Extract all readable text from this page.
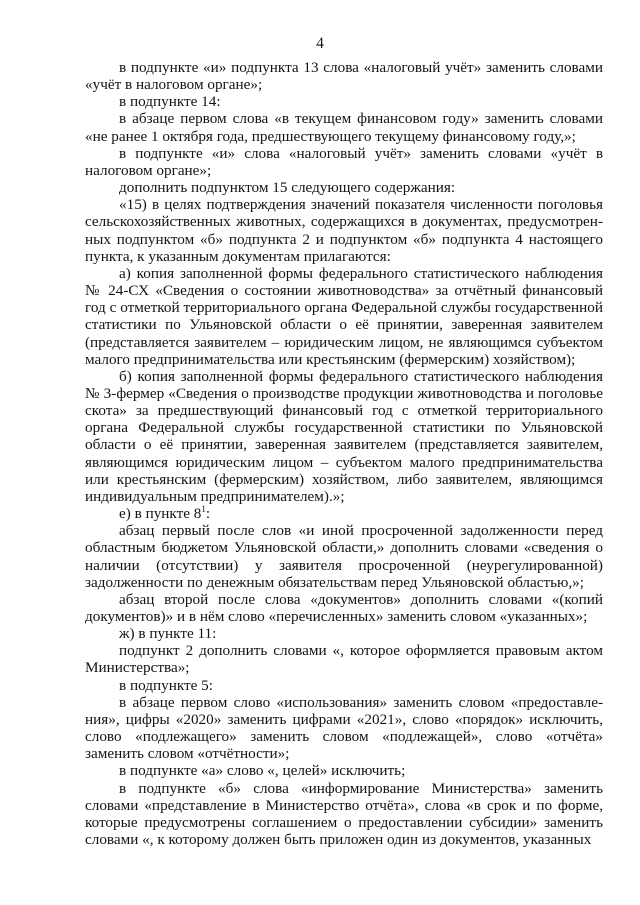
4

в подпункте «и» подпункта 13 слова «налоговый учёт» заменить словами «учёт в налоговом органе»;

в подпункте 14:

в абзаце первом слова «в текущем финансовом году» заменить словами «не ранее 1 октября года, предшествующего текущему финансовому году,»;

в подпункте «и» слова «налоговый учёт» заменить словами «учёт в налоговом органе»;

дополнить подпунктом 15 следующего содержания:

«15) в целях подтверждения значений показателя численности поголовья сельскохозяйственных животных, содержащихся в документах, предусмотренных подпунктом «б» подпункта 2 и подпунктом «б» подпункта 4 настоящего пункта, к указанным документам прилагаются:

а) копия заполненной формы федерального статистического наблюдения № 24-СХ «Сведения о состоянии животноводства» за отчётный финансовый год с отметкой территориального органа Федеральной службы государственной статистики по Ульяновской области о её принятии, заверенная заявителем (представляется заявителем – юридическим лицом, не являющимся субъектом малого предпринимательства или крестьянским (фермерским) хозяйством);

б) копия заполненной формы федерального статистического наблюдения № 3-фермер «Сведения о производстве продукции животноводства и поголовье скота» за предшествующий финансовый год с отметкой территориального органа Федеральной службы государственной статистики по Ульяновской области о её принятии, заверенная заявителем (представляется заявителем, являющимся юридическим лицом – субъектом малого предпринимательства или крестьянским (фермерским) хозяйством, либо заявителем, являющимся индивидуальным предпринимателем).»;

е) в пункте $8^1$:

абзац первый после слов «и иной просроченной задолженности перед областным бюджетом Ульяновской области,» дополнить словами «сведения о наличии (отсутствии) у заявителя просроченной (неурегулированной) задолженности по денежным обязательствам перед Ульяновской областью,»;

абзац второй после слова «документов» дополнить словами «(копий документов)» и в нём слово «перечисленных» заменить словом «указанных»;

ж) в пункте 11:

подпункт 2 дополнить словами «, которое оформляется правовым актом Министерства»;

в подпункте 5:

в абзаце первом слово «использования» заменить словом «предоставления», цифры «2020» заменить цифрами «2021», слово «порядок» исключить, слово «подлежащего» заменить словом «подлежащей», слово «отчёта» заменить словом «отчётности»;

в подпункте «а» слово «, целей» исключить;

в подпункте «б» слова «информирование Министерства» заменить словами «представление в Министерство отчёта», слова «в срок и по форме, которые предусмотрены соглашением о предоставлении субсидии» заменить словами «, к которому должен быть приложен один из документов, указанных
